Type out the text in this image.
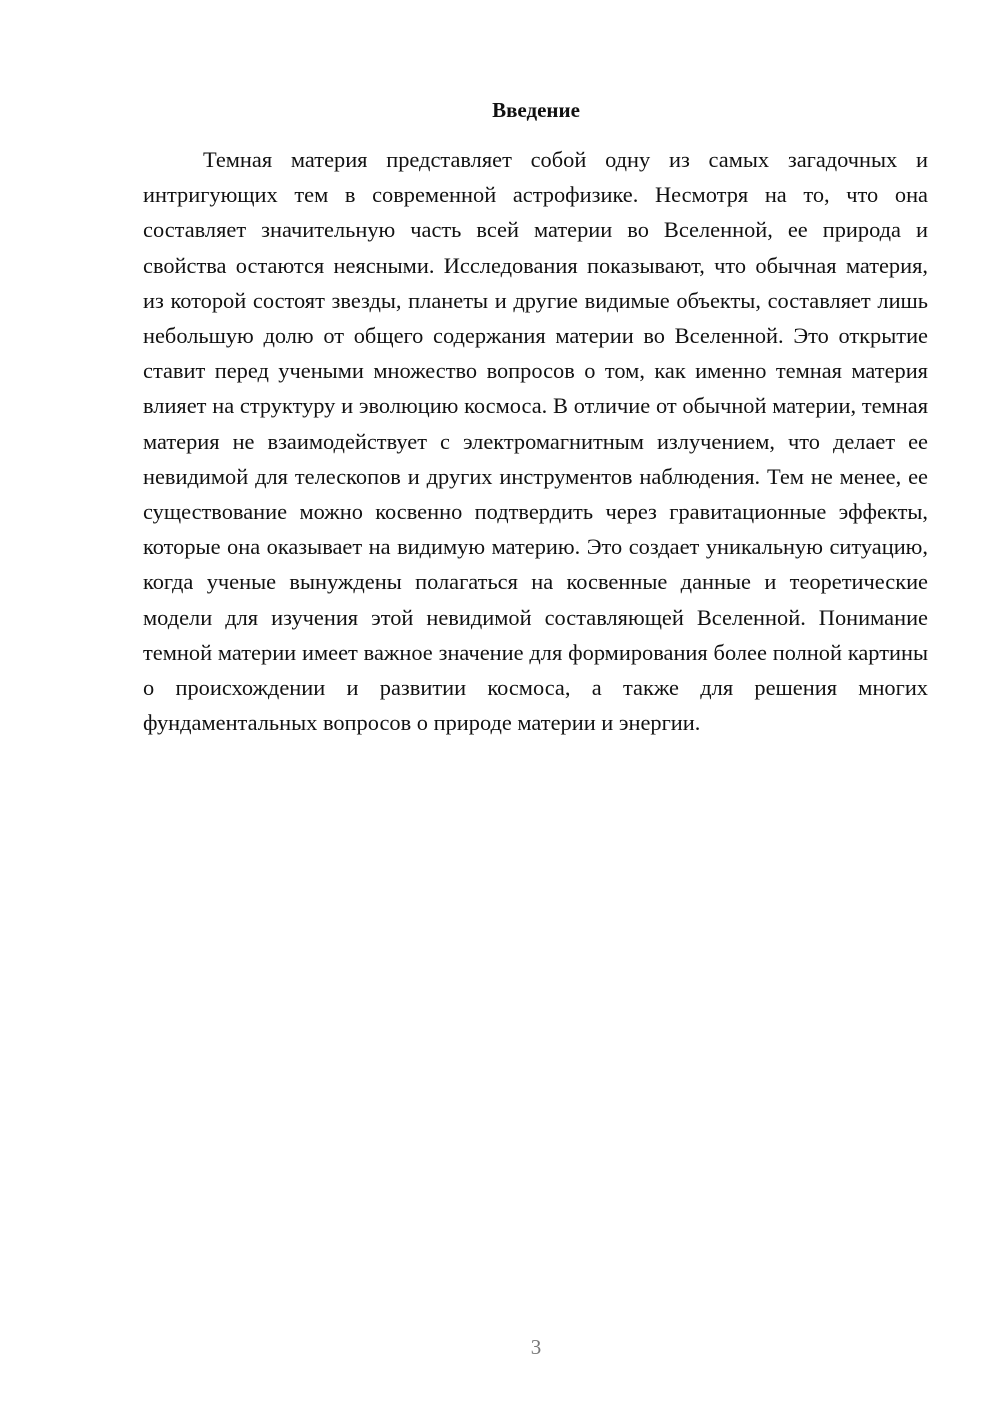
Введение

Темная материя представляет собой одну из самых загадочных и интригующих тем в современной астрофизике. Несмотря на то, что она составляет значительную часть всей материи во Вселенной, ее природа и свойства остаются неясными. Исследования показывают, что обычная материя, из которой состоят звезды, планеты и другие видимые объекты, составляет лишь небольшую долю от общего содержания материи во Вселенной. Это открытие ставит перед учеными множество вопросов о том, как именно темная материя влияет на структуру и эволюцию космоса. В отличие от обычной материи, темная материя не взаимодействует с электромагнитным излучением, что делает ее невидимой для телескопов и других инструментов наблюдения. Тем не менее, ее существование можно косвенно подтвердить через гравитационные эффекты, которые она оказывает на видимую материю. Это создает уникальную ситуацию, когда ученые вынуждены полагаться на косвенные данные и теоретические модели для изучения этой невидимой составляющей Вселенной. Понимание темной материи имеет важное значение для формирования более полной картины о происхождении и развитии космоса, а также для решения многих фундаментальных вопросов о природе материи и энергии.

3
